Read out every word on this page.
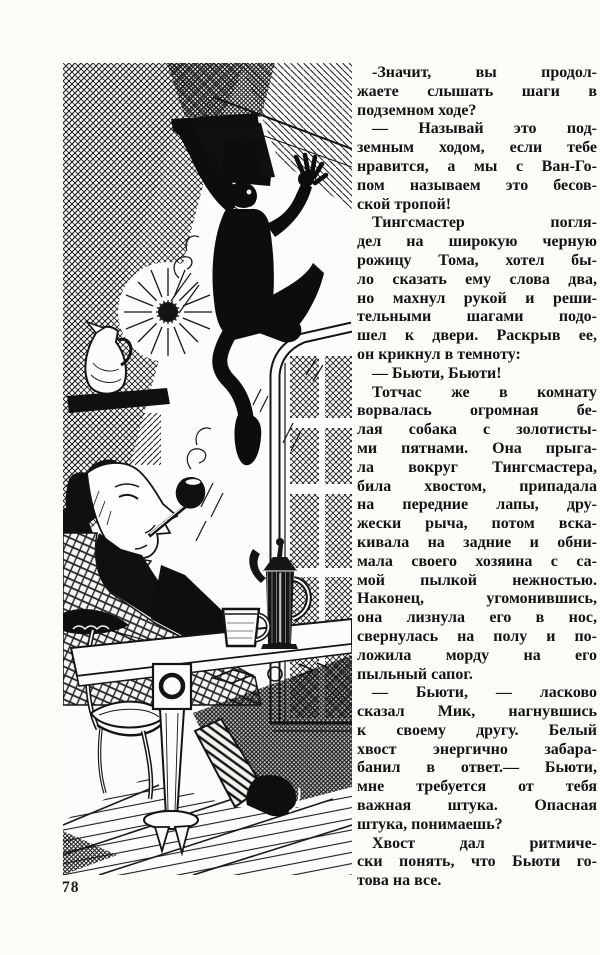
-Значит, вы продол-
жаете слышать шаги в
подземном ходе?
— Называй это под-
земным ходом, если тебе
нравится, а мы с Ван-Го-
пом называем это бесов-
ской тропой!
Тингсмастер погля-
дел на широкую черную
рожицу Тома, хотел бы-
ло сказать ему слова два,
но махнул рукой и реши-
тельными шагами подо-
шел к двери. Раскрыв ее,
он крикнул в темноту:
— Бьюти, Бьюти!
Тотчас же в комнату
ворвалась огромная бе-
лая собака с золотисты-
ми пятнами. Она прыга-
ла вокруг Тингсмастера,
била хвостом, припадала
на передние лапы, дру-
жески рыча, потом вска-
кивала на задние и обни-
мала своего хозяина с са-
мой пылкой нежностью.
Наконец, угомонившись,
она лизнула его в нос,
свернулась на полу и по-
ложила морду на его
пыльный сапог.
— Бьюти, — ласково
сказал Мик, нагнувшись
к своему другу. Белый
хвост энергично забара-
банил в ответ.— Бьюти,
мне требуется от тебя
важная штука. Опасная
штука, понимаешь?
Хвост дал ритмиче-
ски понять, что Бьюти го-
това на все.
78
